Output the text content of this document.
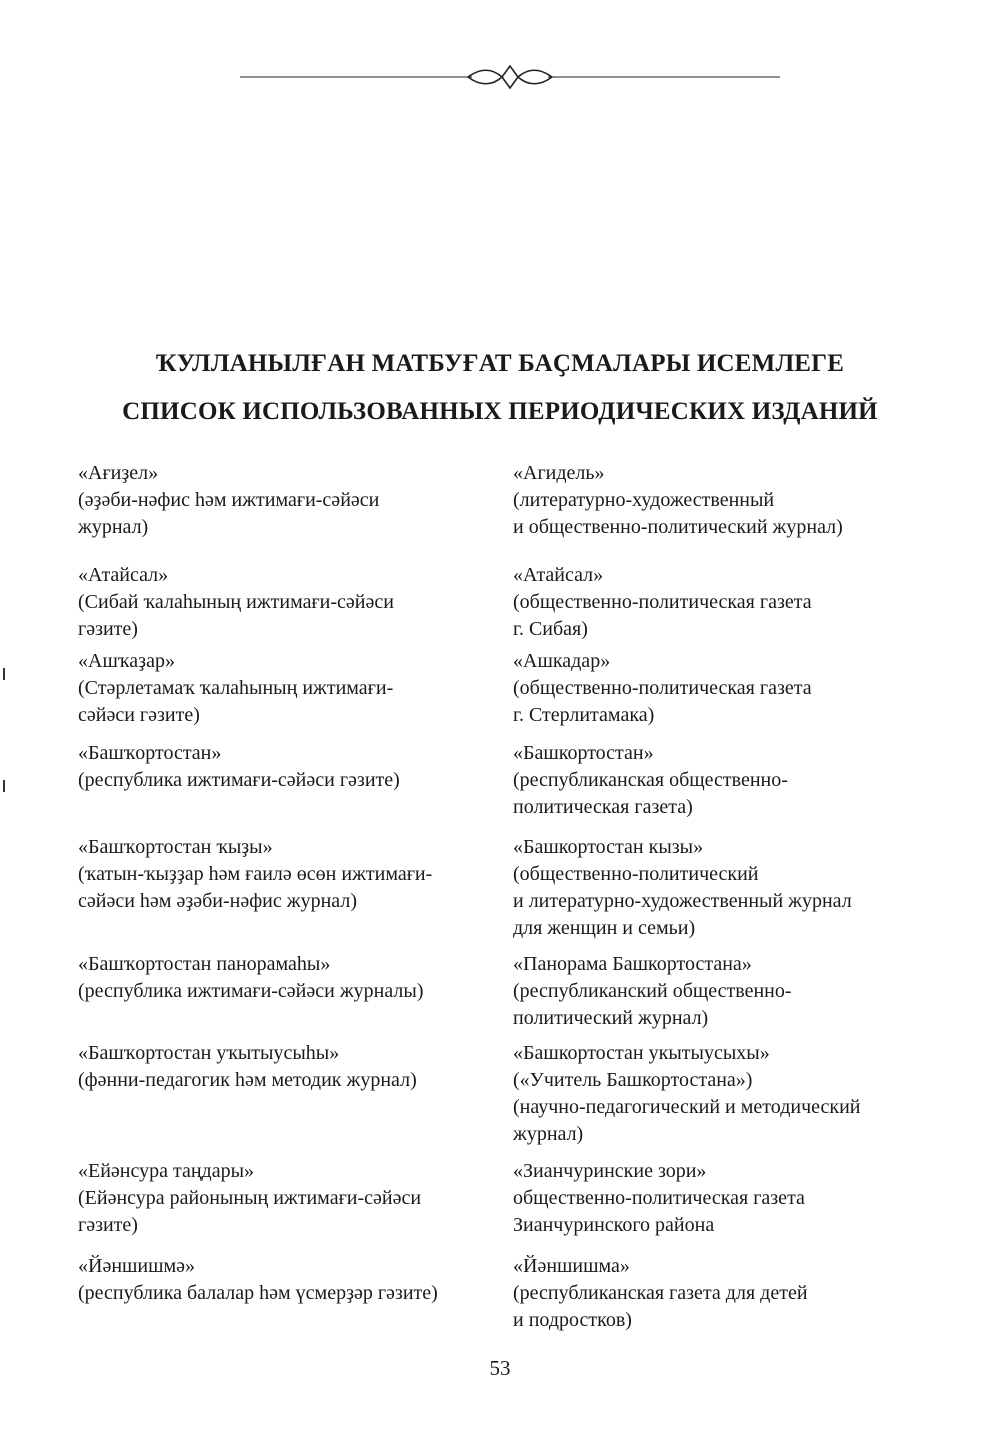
ҠУЛЛАНЫЛҒАН МАТБУҒАТ БАҪМАЛАРЫ ИСЕМЛЕГЕ
СПИСОК ИСПОЛЬЗОВАННЫХ ПЕРИОДИЧЕСКИХ ИЗДАНИЙ
«Ағиҙел»
(әҙәби-нәфис һәм ижтимағи-сәйәси
журнал)
«Агидель»
(литературно-художественный
и общественно-политический журнал)
«Атайсал»
(Сибай ҡалаһының ижтимағи-сәйәси
гәзите)
«Атайсал»
(общественно-политическая газета
г. Сибая)
«Ашҡаҙар»
(Стәрлетамаҡ ҡалаһының ижтимағи-
сәйәси гәзите)
«Ашкадар»
(общественно-политическая газета
г. Стерлитамака)
«Башҡортостан»
(республика ижтимағи-сәйәси гәзите)
«Башкортостан»
(республиканская общественно-
политическая газета)
«Башҡортостан ҡыҙы»
(ҡатын-ҡыҙҙар һәм ғаилә өсөн ижтимағи-
сәйәси һәм әҙәби-нәфис журнал)
«Башкортостан кызы»
(общественно-политический
и литературно-художественный журнал
для женщин и семьи)
«Башҡортостан панорамаһы»
(республика ижтимағи-сәйәси журналы)
«Панорама Башкортостана»
(республиканский общественно-
политический журнал)
«Башҡортостан уҡытыусыһы»
(фәнни-педагогик һәм методик журнал)
«Башкортостан укытыусыхы»
(«Учитель Башкортостана»)
(научно-педагогический и методический
журнал)
«Ейәнсура таңдары»
(Ейәнсура районының ижтимағи-сәйәси
гәзите)
«Зианчуринские зори»
общественно-политическая газета
Зианчуринского района
«Йәншишмә»
(республика балалар һәм үсмерҙәр гәзите)
«Йәншишма»
(республиканская газета для детей
и подростков)
53
